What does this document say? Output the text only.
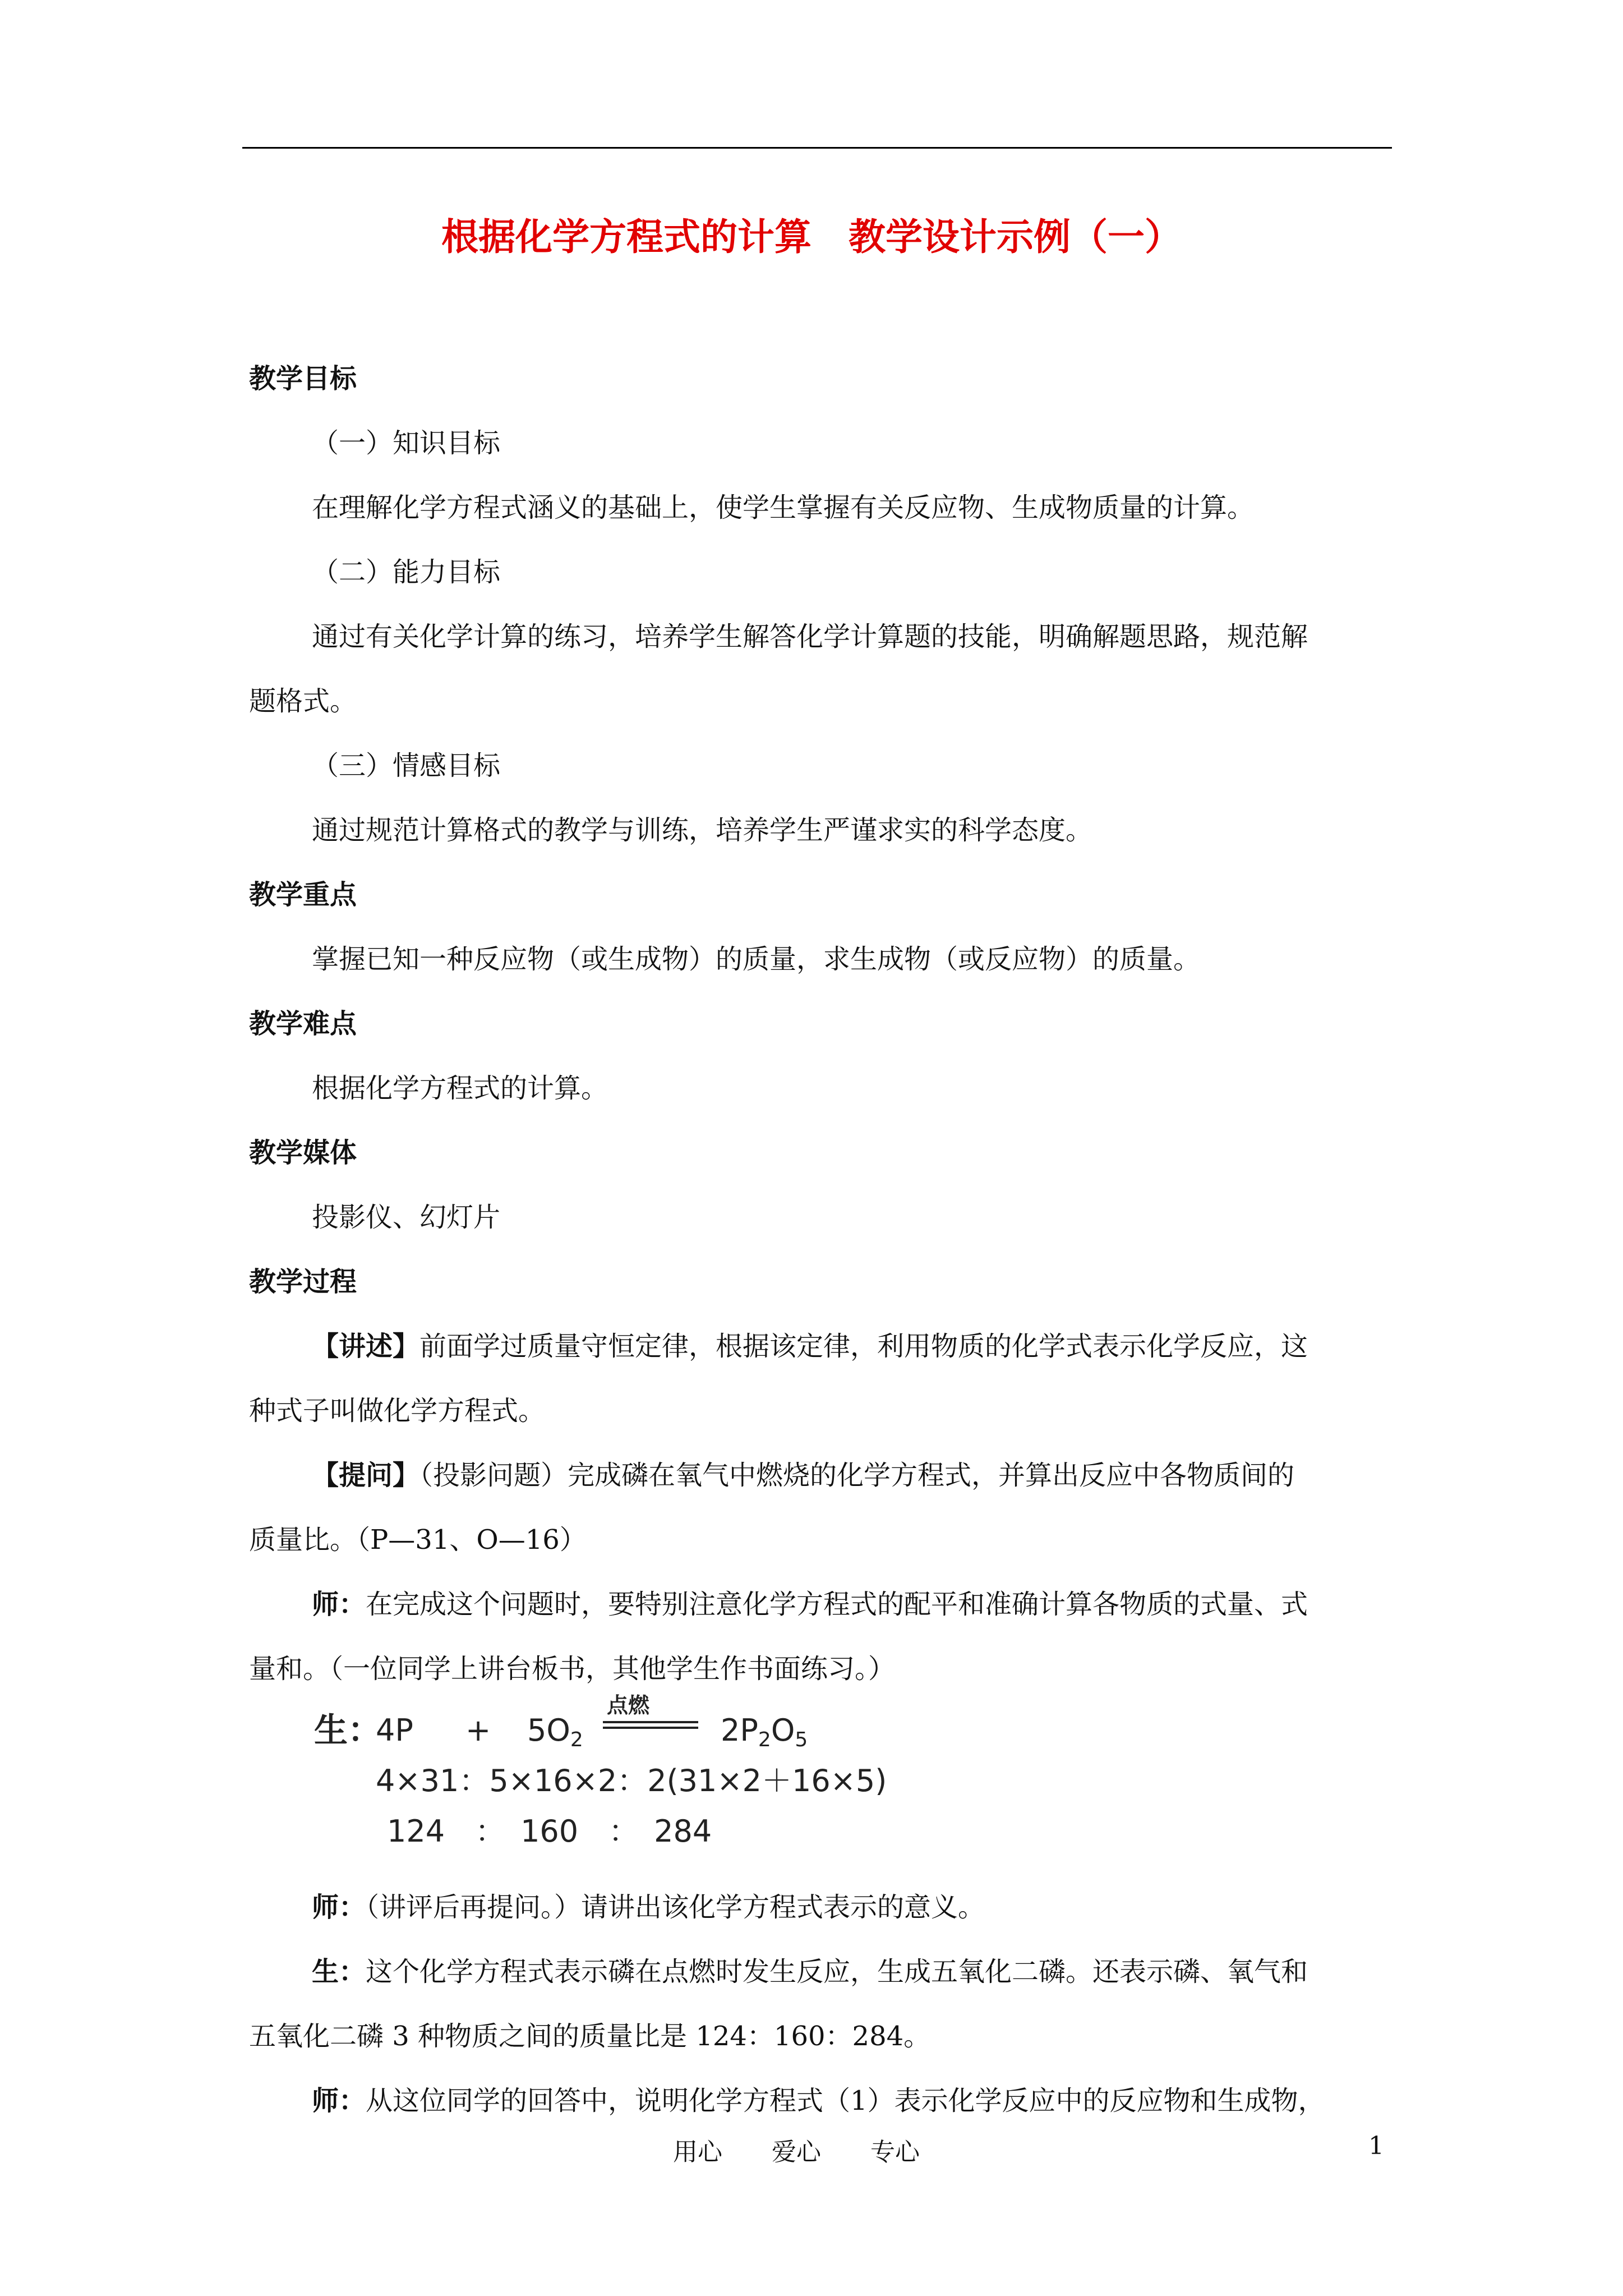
根据化学方程式的计算　教学设计示例（一）
教学目标
（一）知识目标
在理解化学方程式涵义的基础上，使学生掌握有关反应物、生成物质量的计算。
（二）能力目标
通过有关化学计算的练习，培养学生解答化学计算题的技能，明确解题思路，规范解
题格式。
（三）情感目标
通过规范计算格式的教学与训练，培养学生严谨求实的科学态度。
教学重点
掌握已知一种反应物（或生成物）的质量，求生成物（或反应物）的质量。
教学难点
根据化学方程式的计算。
教学媒体
投影仪、幻灯片
教学过程
【讲述】前面学过质量守恒定律，根据该定律，利用物质的化学式表示化学反应，这
种式子叫做化学方程式。
【提问】（投影问题）完成磷在氧气中燃烧的化学方程式，并算出反应中各物质间的
质量比。（P—31、O—16）
师：在完成这个问题时，要特别注意化学方程式的配平和准确计算各物质的式量、式
量和。（一位同学上讲台板书，其他学生作书面练习。）
生：
$4P + 5O_2$
点燃
$2P_2O_5$
4×31：5×16×2：2(31×2＋16×5)
124　：　160　：　284
师：（讲评后再提问。）请讲出该化学方程式表示的意义。
生：这个化学方程式表示磷在点燃时发生反应，生成五氧化二磷。还表示磷、氧气和
五氧化二磷 3 种物质之间的质量比是 124：160：284。
师：从这位同学的回答中，说明化学方程式（1）表示化学反应中的反应物和生成物，
用心　　爱心　　专心	1
